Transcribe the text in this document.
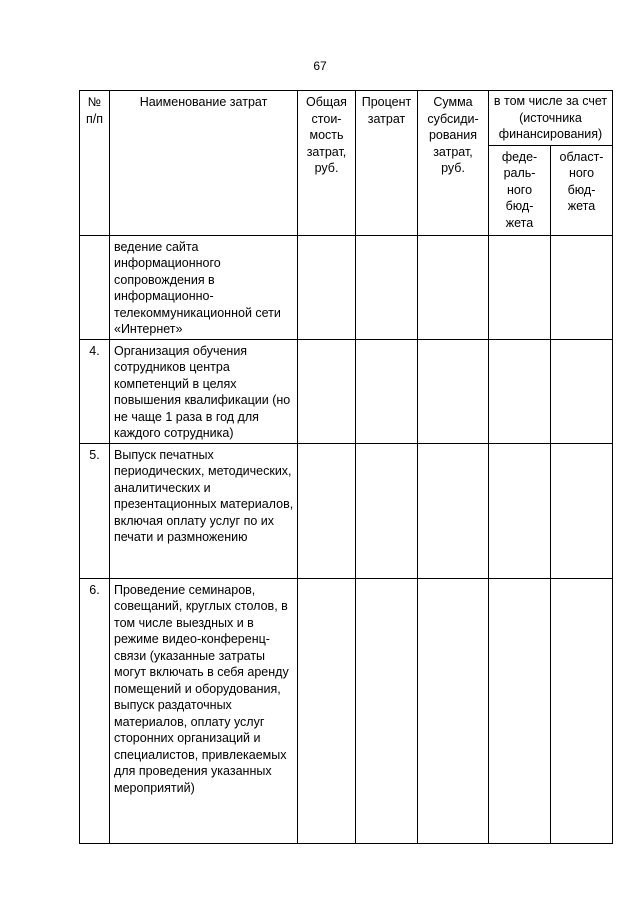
67
№ п/п	Наименование затрат	Общая стои-мость затрат, руб.	Процент затрат	Сумма субсиди-рования затрат, руб.	в том числе за счет (источника финансирования)	
					феде-раль-ного бюд-жета	област-ного бюд-жета
	ведение сайта информационного сопровождения в информационно-телекоммуникационной сети «Интернет»					
4.	Организация обучения сотрудников центра компетенций в целях повышения квалификации (но не чаще 1 раза в год для каждого сотрудника)					
5.	Выпуск печатных периодических, методических, аналитических и презентационных материалов, включая оплату услуг по их печати и размножению					
6.	Проведение семинаров, совещаний, круглых столов, в том числе выездных и в режиме видео-конференц-связи (указанные затраты могут включать в себя аренду помещений и оборудования, выпуск раздаточных материалов, оплату услуг сторонних организаций и специалистов, привлекаемых для проведения указанных мероприятий)					
